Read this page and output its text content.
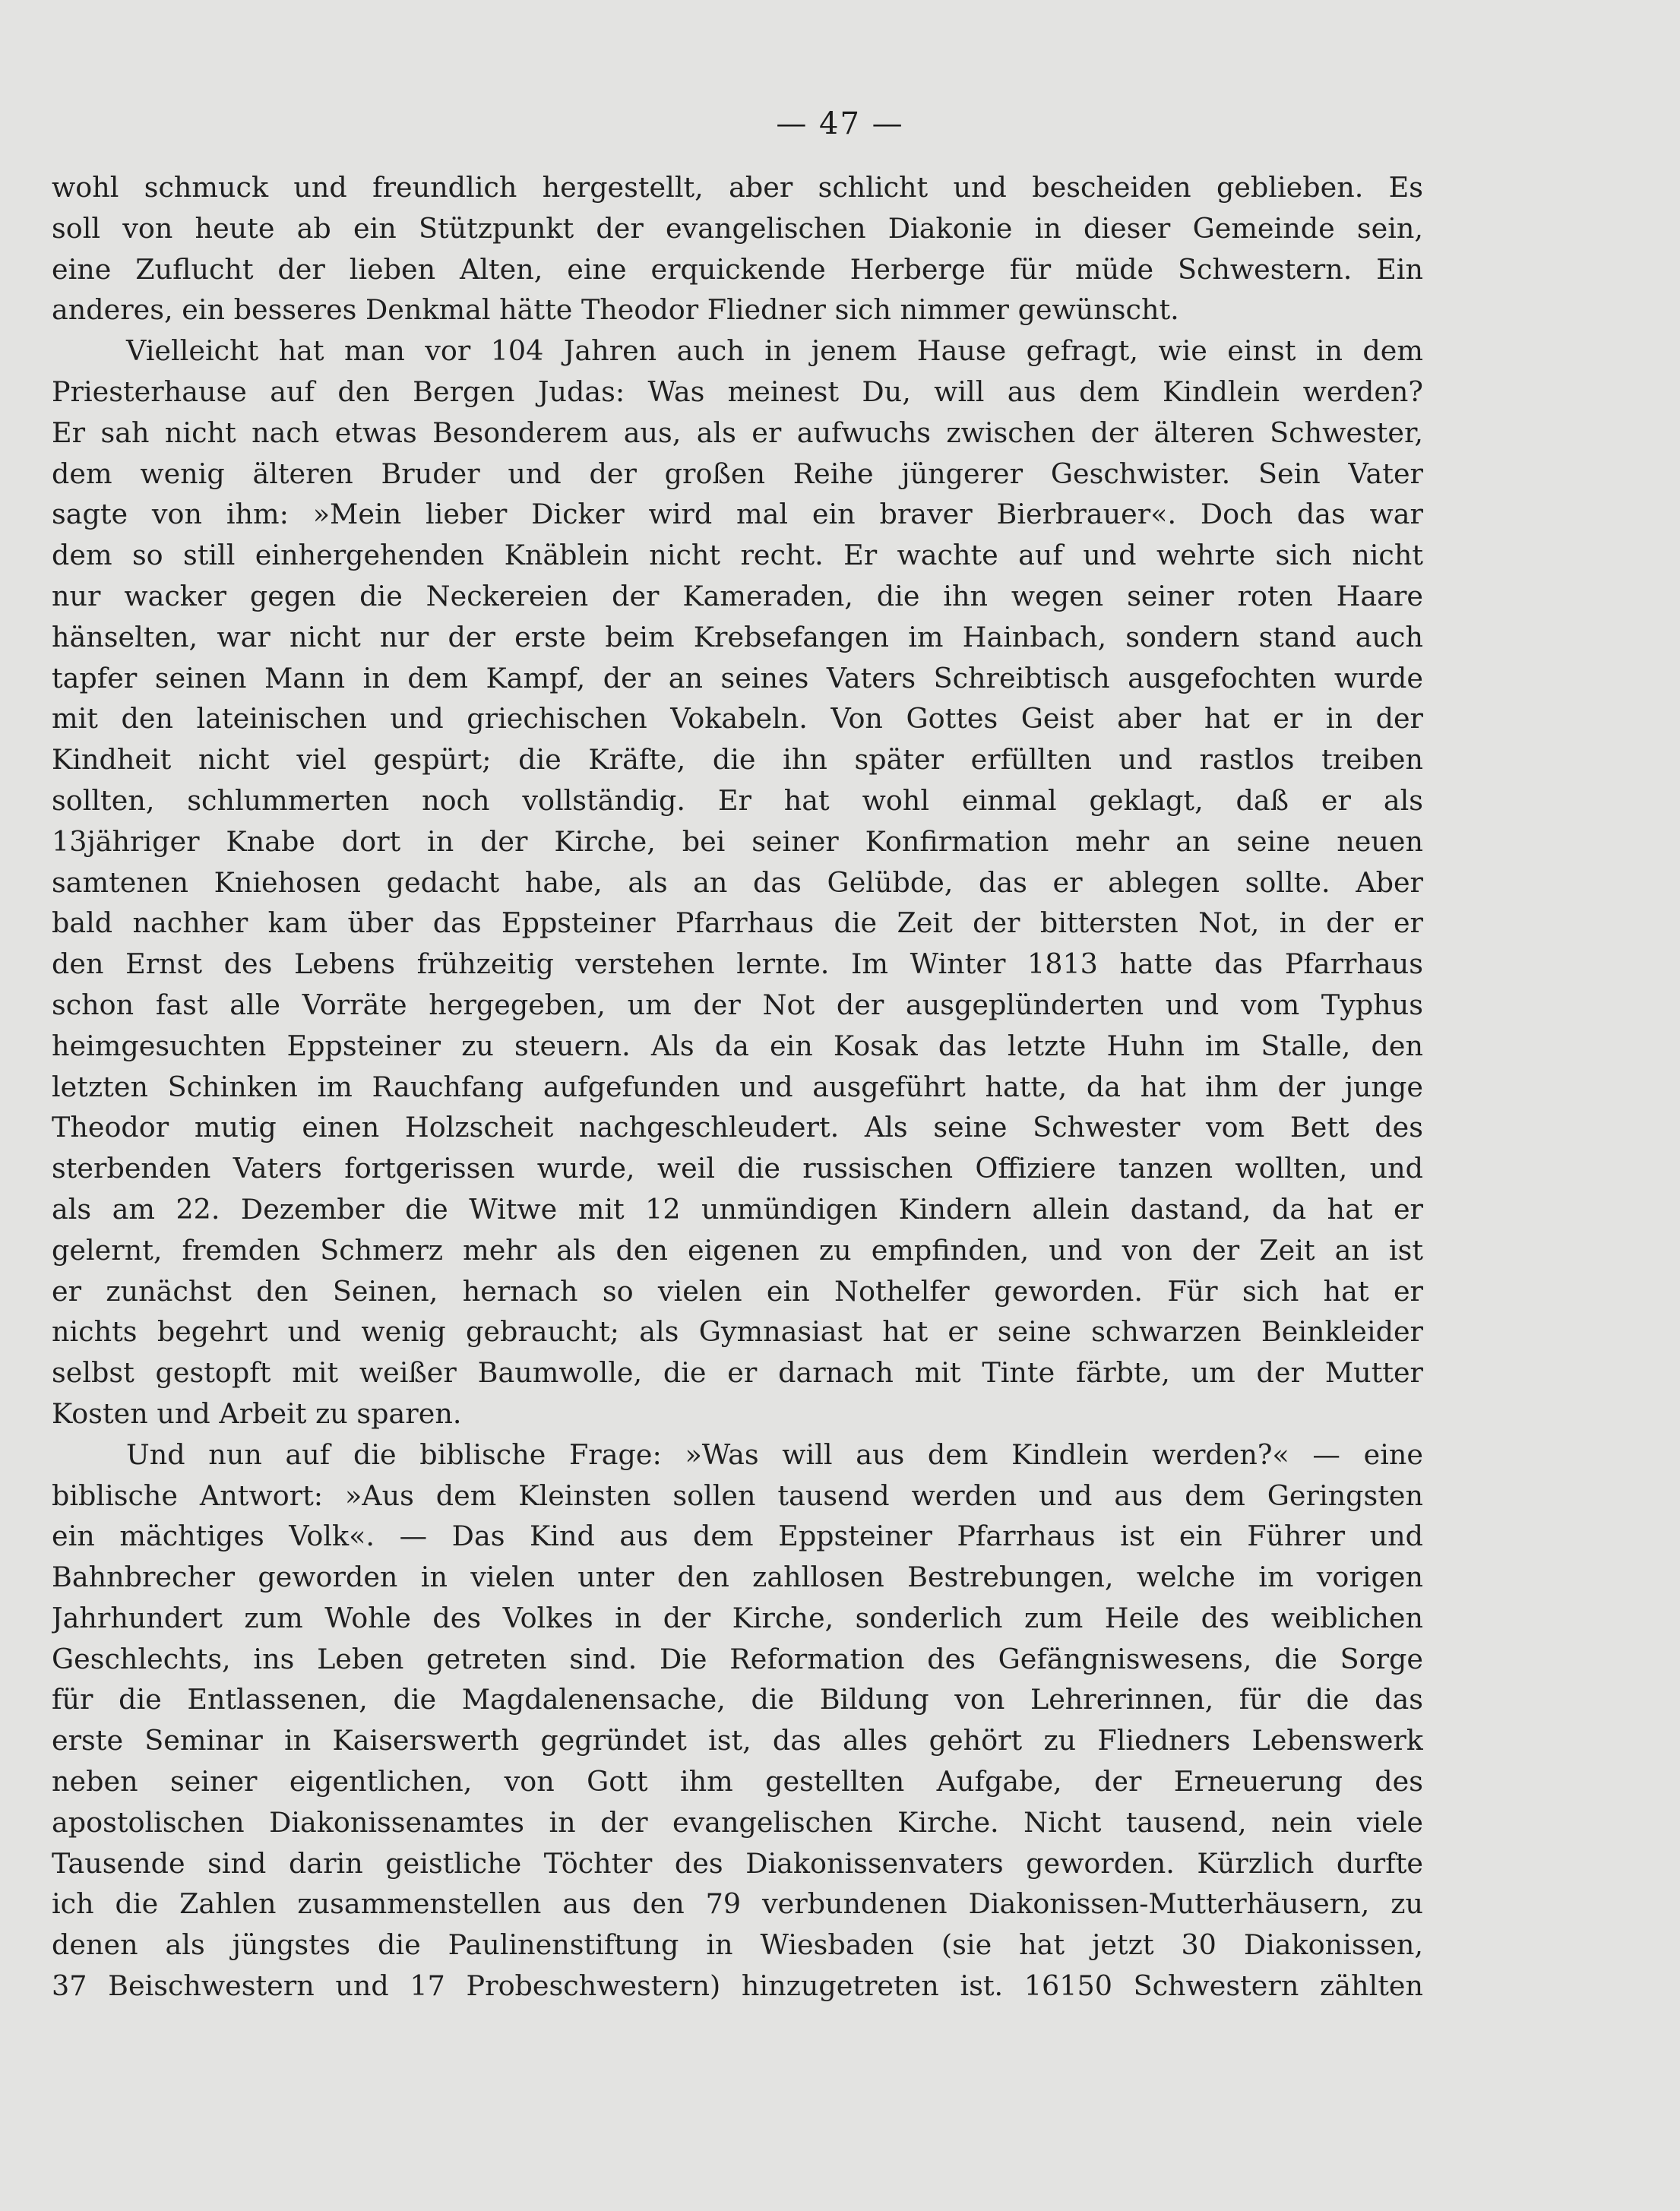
— 47 —
wohl schmuck und freundlich hergestellt, aber schlicht und bescheiden geblieben. Es
soll von heute ab ein Stützpunkt der evangelischen Diakonie in dieser Gemeinde sein,
eine Zuflucht der lieben Alten, eine erquickende Herberge für müde Schwestern. Ein
anderes, ein besseres Denkmal hätte Theodor Fliedner sich nimmer gewünscht.
Vielleicht hat man vor 104 Jahren auch in jenem Hause gefragt, wie einst in dem
Priesterhause auf den Bergen Judas: Was meinest Du, will aus dem Kindlein werden?
Er sah nicht nach etwas Besonderem aus, als er aufwuchs zwischen der älteren Schwester,
dem wenig älteren Bruder und der großen Reihe jüngerer Geschwister. Sein Vater
sagte von ihm: »Mein lieber Dicker wird mal ein braver Bierbrauer«. Doch das war
dem so still einhergehenden Knäblein nicht recht. Er wachte auf und wehrte sich nicht
nur wacker gegen die Neckereien der Kameraden, die ihn wegen seiner roten Haare
hänselten, war nicht nur der erste beim Krebsefangen im Hainbach, sondern stand auch
tapfer seinen Mann in dem Kampf, der an seines Vaters Schreibtisch ausgefochten wurde
mit den lateinischen und griechischen Vokabeln. Von Gottes Geist aber hat er in der
Kindheit nicht viel gespürt; die Kräfte, die ihn später erfüllten und rastlos treiben
sollten, schlummerten noch vollständig. Er hat wohl einmal geklagt, daß er als
13jähriger Knabe dort in der Kirche, bei seiner Konfirmation mehr an seine neuen
samtenen Kniehosen gedacht habe, als an das Gelübde, das er ablegen sollte. Aber
bald nachher kam über das Eppsteiner Pfarrhaus die Zeit der bittersten Not, in der er
den Ernst des Lebens frühzeitig verstehen lernte. Im Winter 1813 hatte das Pfarrhaus
schon fast alle Vorräte hergegeben, um der Not der ausgeplünderten und vom Typhus
heimgesuchten Eppsteiner zu steuern. Als da ein Kosak das letzte Huhn im Stalle, den
letzten Schinken im Rauchfang aufgefunden und ausgeführt hatte, da hat ihm der junge
Theodor mutig einen Holzscheit nachgeschleudert. Als seine Schwester vom Bett des
sterbenden Vaters fortgerissen wurde, weil die russischen Offiziere tanzen wollten, und
als am 22. Dezember die Witwe mit 12 unmündigen Kindern allein dastand, da hat er
gelernt, fremden Schmerz mehr als den eigenen zu empfinden, und von der Zeit an ist
er zunächst den Seinen, hernach so vielen ein Nothelfer geworden. Für sich hat er
nichts begehrt und wenig gebraucht; als Gymnasiast hat er seine schwarzen Beinkleider
selbst gestopft mit weißer Baumwolle, die er darnach mit Tinte färbte, um der Mutter
Kosten und Arbeit zu sparen.
Und nun auf die biblische Frage: »Was will aus dem Kindlein werden?« — eine
biblische Antwort: »Aus dem Kleinsten sollen tausend werden und aus dem Geringsten
ein mächtiges Volk«. — Das Kind aus dem Eppsteiner Pfarrhaus ist ein Führer und
Bahnbrecher geworden in vielen unter den zahllosen Bestrebungen, welche im vorigen
Jahrhundert zum Wohle des Volkes in der Kirche, sonderlich zum Heile des weiblichen
Geschlechts, ins Leben getreten sind. Die Reformation des Gefängniswesens, die Sorge
für die Entlassenen, die Magdalenensache, die Bildung von Lehrerinnen, für die das
erste Seminar in Kaiserswerth gegründet ist, das alles gehört zu Fliedners Lebenswerk
neben seiner eigentlichen, von Gott ihm gestellten Aufgabe, der Erneuerung des
apostolischen Diakonissenamtes in der evangelischen Kirche. Nicht tausend, nein viele
Tausende sind darin geistliche Töchter des Diakonissenvaters geworden. Kürzlich durfte
ich die Zahlen zusammenstellen aus den 79 verbundenen Diakonissen-Mutterhäusern, zu
denen als jüngstes die Paulinenstiftung in Wiesbaden (sie hat jetzt 30 Diakonissen,
37 Beischwestern und 17 Probeschwestern) hinzugetreten ist. 16150 Schwestern zählten
